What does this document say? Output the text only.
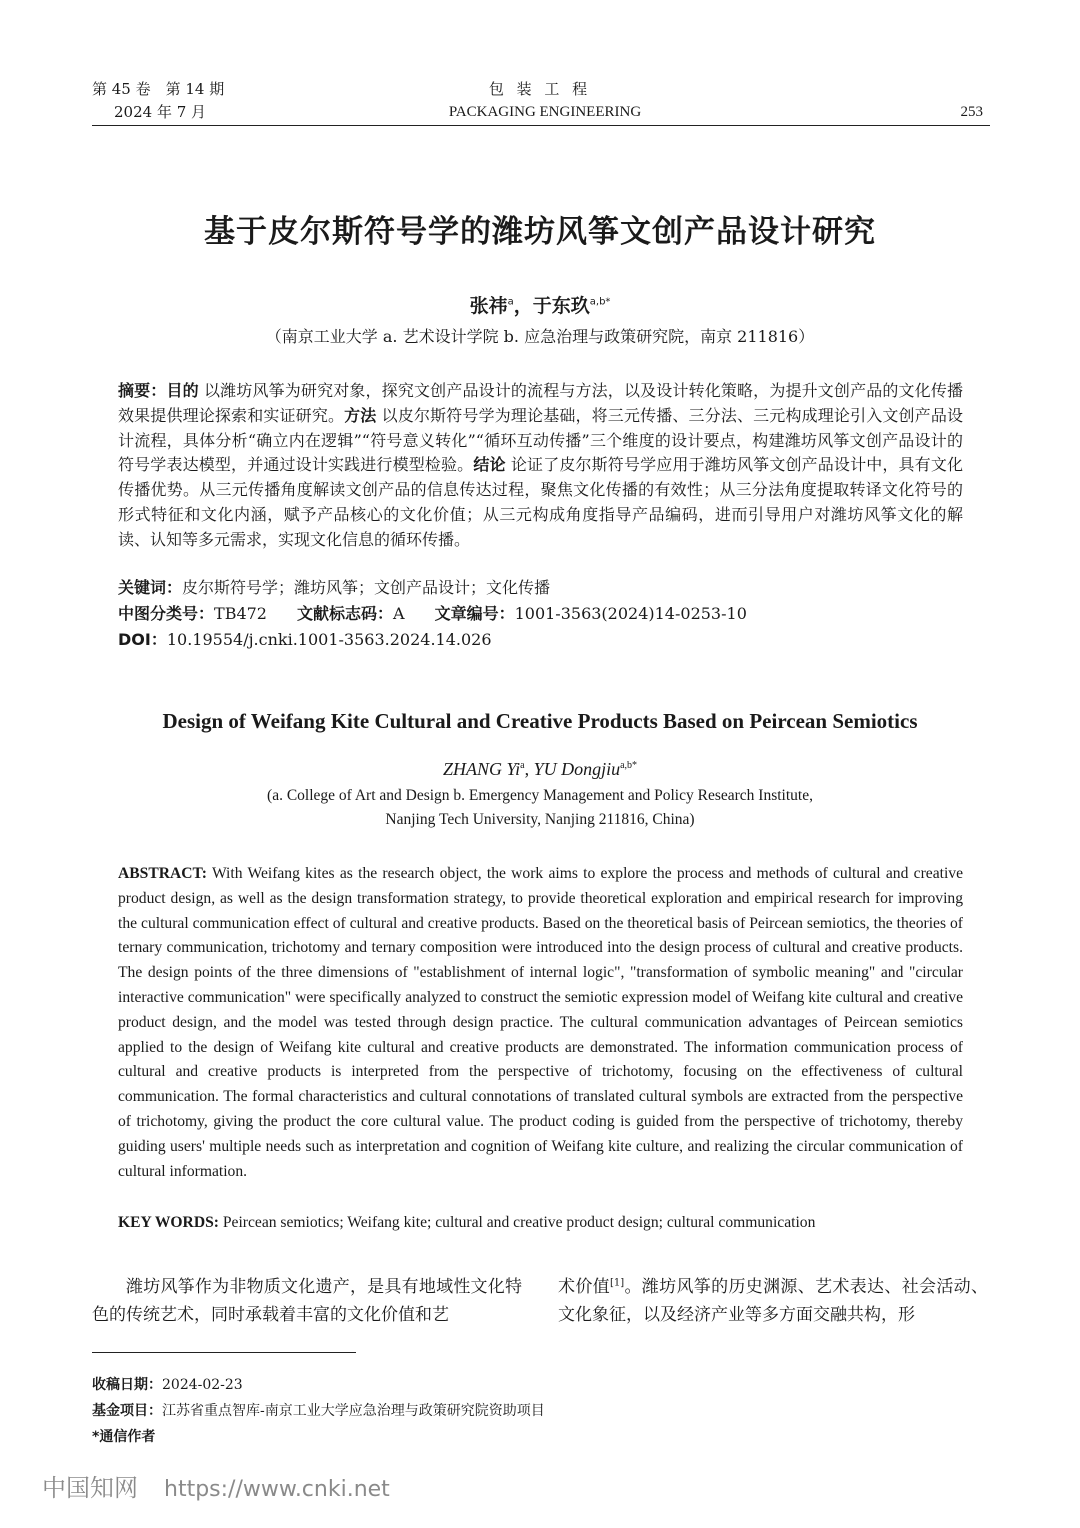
第 45 卷　第 14 期
2024 年 7 月
包 装 工 程
PACKAGING ENGINEERING	253
基于皮尔斯符号学的潍坊风筝文创产品设计研究
张祎$^a$，于东玖$^{a,b*}$
（南京工业大学 a. 艺术设计学院 b. 应急治理与政策研究院，南京 211816）
摘要：目的 以潍坊风筝为研究对象，探究文创产品设计的流程与方法，以及设计转化策略，为提升文创产品的文化传播效果提供理论探索和实证研究。方法 以皮尔斯符号学为理论基础，将三元传播、三分法、三元构成理论引入文创产品设计流程，具体分析“确立内在逻辑”“符号意义转化”“循环互动传播”三个维度的设计要点，构建潍坊风筝文创产品设计的符号学表达模型，并通过设计实践进行模型检验。结论 论证了皮尔斯符号学应用于潍坊风筝文创产品设计中，具有文化传播优势。从三元传播角度解读文创产品的信息传达过程，聚焦文化传播的有效性；从三分法角度提取转译文化符号的形式特征和文化内涵，赋予产品核心的文化价值；从三元构成角度指导产品编码，进而引导用户对潍坊风筝文化的解读、认知等多元需求，实现文化信息的循环传播。
关键词：皮尔斯符号学；潍坊风筝；文创产品设计；文化传播
中图分类号：TB472 文献标志码：A 文章编号：1001-3563(2024)14-0253-10
DOI：10.19554/j.cnki.1001-3563.2024.14.026
Design of Weifang Kite Cultural and Creative Products Based on Peircean Semiotics
ZHANG Yi$^a$, YU Dongjiu$^{a,b*}$
(a. College of Art and Design b. Emergency Management and Policy Research Institute,
Nanjing Tech University, Nanjing 211816, China)
ABSTRACT: With Weifang kites as the research object, the work aims to explore the process and methods of cultural and creative product design, as well as the design transformation strategy, to provide theoretical exploration and empirical research for improving the cultural communication effect of cultural and creative products. Based on the theoretical basis of Peircean semiotics, the theories of ternary communication, trichotomy and ternary composition were introduced into the design process of cultural and creative products. The design points of the three dimensions of "establishment of internal logic", "transformation of symbolic meaning" and "circular interactive communication" were specifically analyzed to construct the semiotic expression model of Weifang kite cultural and creative product design, and the model was tested through design practice. The cultural communication advantages of Peircean semiotics applied to the design of Weifang kite cultural and creative products are demonstrated. The information communication process of cultural and creative products is interpreted from the perspective of trichotomy, focusing on the effectiveness of cultural communication. The formal characteristics and cultural connotations of translated cultural symbols are extracted from the perspective of trichotomy, giving the product the core cultural value. The product coding is guided from the perspective of trichotomy, thereby guiding users' multiple needs such as interpretation and cognition of Weifang kite culture, and realizing the circular communication of cultural information.
KEY WORDS: Peircean semiotics; Weifang kite; cultural and creative product design; cultural communication
潍坊风筝作为非物质文化遗产，是具有地域性文化特色的传统艺术，同时承载着丰富的文化价值和艺
术价值[1]。潍坊风筝的历史渊源、艺术表达、社会活动、文化象征，以及经济产业等多方面交融共构，形
收稿日期：2024-02-23
基金项目：江苏省重点智库-南京工业大学应急治理与政策研究院资助项目
*通信作者
中国知网 https://www.cnki.net
